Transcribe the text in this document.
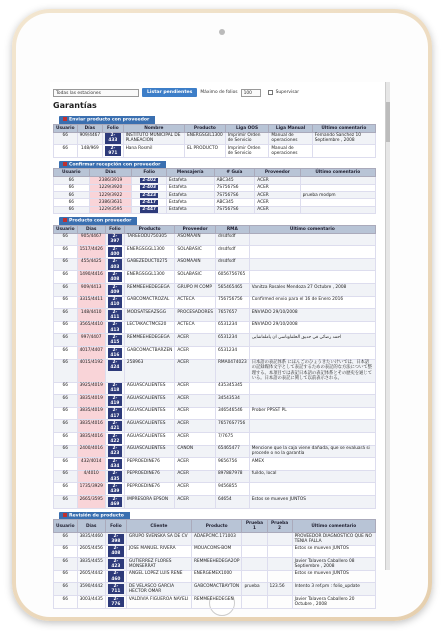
Todas las estaciones	Listar pendientes	Máximo de folios	100	Supervisar
Garantías
Enviar producto con proveedor
Usuario	Días	Folio	Nombre	Producto	Liga OOS	Liga Manual	Último comentario
66	909/4467	2-433	INSTITUTO MUNICIPAL DE PLANEACION	ENERGSGIL1300	Imprimir Orden de Servicio	Manual de operaciones	Fernando Sanchez 10 Septiembre , 2008
66	148/969	2-971	Hana Rosmil	EL PRODUCTO	Imprimir Orden de Servicio	Manual de operaciones	
Confirmar recepción con proveedor
Usuario	Días	Folio	Mensajería	# Guía	Proveedor	Último comentario
66	2386/3919	2-402	Estafeta	ABC345	ACER	
66	1229/3920	2-403	Estafeta	7S7567S6	ACER	
66	1229/3922	2-423	Estafeta	7S7567S6	ACER	prueba modpm
66	2386/3631	2-417	Estafeta	ABC345	ACER	
66	1229/3595	2-447	Estafeta	7S7567S6	ACER	
Producto con proveedor
Usuario	Días	Folio	Producto	Proveedor	RMA	Último comentario
66	905/4467	2-397	TAREEODU750305	ASOMAAIN	drsdfsdf	
66	1517/4426	2-400	ENERGSGGL1300	SOLABASIC	drsdfsdf	
66	455/4425	2-403	GABEZEDUCT0275	ASOMAAIN	drsdfsdf	
66	1490/4416	2-408	ENERGSGGL1300	SOLABASIC	6056756765	
66	909/4413	2-409	REMMEEHEDEGEGA	GRUPO M COMP	565465465	Vanitza Rosales Mendoza 27 Octubre , 2008
66	3315/4411	2-410	GABCOMACTROZAL	ACTECA	756756756	Confirmed envio para el 16 de Enero 2016
66	148/4410	2-411	MODSATSEAZSGG	PROCESADORES	7657657	ENVIADO 29/10/2008
66	3565/4410	2-413	LECTAKACTMCE20	ACTECA	6531234	ENVIADO 29/10/2008
66	997/4407	2-415	REMMEEHEDEGEGA	ACER	6531234	احمد رضائي في حدیق الحلفاوتاسي ان پاملعاشایی
66	4017/4407	2-416	GABCOMACTBARZEN	ACER	6531234	
66	4015/4192	2-424	258963	ACER	RMA0474023	日本語の表記体系 にほんごのひょうきたいけいでは、日本語の記録媒体文字として表記するための表記的な方法について整理する。本項目では表記日本語の表記体系とその歴史を通じている。日本語の表記に関して以前表示される。
66	3925/4019	2-418	AGUASCALIENTES	ACER	435345345	
66	3835/4019	2-419	AGUASCALIENTES	ACER	34543534	
66	3835/4019	2-417	AGUASCALIENTES	ACER	346546546	Prober PPSST PL
66	3835/4016	2-421	AGUASCALIENTES	ACER	76576S7756	
66	3835/4016	2-422	AGUASCALIENTES	ACER	7/7675	
66	2400/4016	2-423	AGUASCALIENTES	CANON	65465477	Mencione que la caja viene dañada, que se evaluará si procede o no la garantía
66	432/4014	2-434	PEPROEDINE76	ACER	9656756	AMEX
66	4/4010	2-435	PEPROEDINE76	ACER	897887978	fuildo, local
66	1735/3929	2-439	PEPROEDINE76	ACER	9456855	
66	2665/3595	2-469	IMPRESORA EPSON	ACER	64654	Estos se mueven JUNTOS
Revisión de producto
Usuario	Días	Folio	Cliente	Producto	Prueba 1	Prueba 2	Último comentario
66	3835/4460	2-398	GRUPO SVENSKA SA DE CV	ADAEPCMC.171003			PROVEEDOR DIAGNOSTICO QUE NO TENIA FALLA
66	2605/4456	2-408	JOSE MANUEL RIVERA	MOUACOMS-BOM			Estos se mueven JUNTOS
66	3835/4455	2-423	GUTIERREZ FLORES MONSERRAT	REMMEEHEDEGA2OP			Javier Talavera Caballero 08 Septiembre , 2008
66	2605/4442	2-460	ANGEL LOPEZ LUIS RENE	ENERGEMEX1000			Estos se mueven JUNTOS
66	3590/4442	2-711	DE VELASCO GARCIA HECTOR OMAR	GABCOMACTBAYTON	prueba	123.56	Intento 3 ref.pm : folio_update
66	3003/4435	2-776	VALDIVIA FIGUEROA NAYELI	REMMEEHEDEGEN			Javier Talavera Caballero 20 Octubre , 2008
